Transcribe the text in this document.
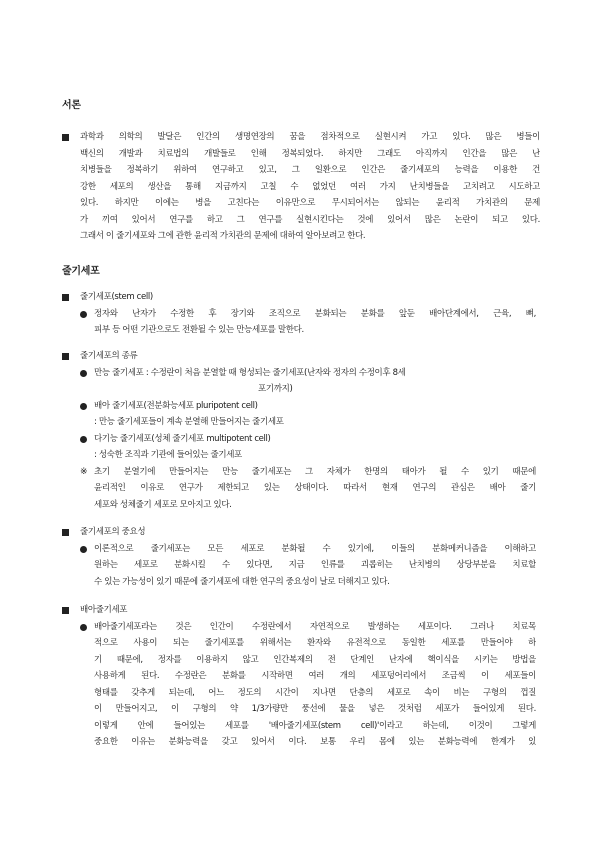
서론

과학과 의학의 발달은 인간의 생명연장의 꿈을 점차적으로 실현시켜 가고 있다. 많은 병들이
백신의 개발과 치료법의 개발들로 인해 정복되었다. 하지만 그래도 아직까지 인간을 많은 난
치병들을 정복하기 위하여 연구하고 있고, 그 일환으로 인간은 줄기세포의 능력을 이용한 건
강한 세포의 생산을 통해 지금까지 고칠 수 없었던 여러 가지 난치병들을 고치려고 시도하고
있다. 하지만 이에는 병을 고친다는 이유만으로 무시되어서는 않되는 윤리적 가치관의 문제
가 끼여 있어서 연구를 하고 그 연구를 실현시킨다는 것에 있어서 많은 논란이 되고 있다.
그래서 이 줄기세포와 그에 관한 윤리적 가치관의 문제에 대하여 알아보려고 한다.

줄기세포

줄기세포(stem cell)
정자와 난자가 수정한 후 장기와 조직으로 분화되는 분화를 앞둔 배아단계에서, 근육, 뼈,
피부 등 어떤 기관으로도 전환될 수 있는 만능세포를 말한다.
줄기세포의 종류
만능 줄기세포 : 수정란이 처음 분열할 때 형성되는 줄기세포(난자와 정자의 수정이후 8세
포기까지)
배아 줄기세포(전분화능세포 pluripotent cell)
: 만능 줄기세포들이 계속 분열해 만들어지는 줄기세포
다기능 줄기세포(성체 줄기세포 multipotent cell)
: 성숙한 조직과 기관에 들어있는 줄기세포
※ 초기 분열기에 만들어지는 만능 줄기세포는 그 자체가 한명의 태아가 될 수 있기 때문에
윤리적인 이유로 연구가 제한되고 있는 상태이다. 따라서 현재 연구의 관심은 배아 줄기
세포와 성체줄기 세포로 모아지고 있다.
줄기세포의 중요성
이론적으로 줄기세포는 모든 세포로 분화될 수 있기에, 이들의 분화메커니즘을 이해하고
원하는 세포로 분화시킬 수 있다면, 지금 인류를 괴롭히는 난치병의 상당부분을 치료할
수 있는 가능성이 있기 때문에 줄기세포에 대한 연구의 중요성이 날로 더해지고 있다.
배아줄기세포
배아줄기세포라는 것은 인간이 수정란에서 자연적으로 발생하는 세포이다. 그러나 치료목
적으로 사용이 되는 줄기세포를 위해서는 환자와 유전적으로 동일한 세포를 만들어야 하
기 때문에, 정자를 이용하지 않고 인간복제의 전 단계인 난자에 핵이식을 시키는 방법을
사용하게 된다. 수정란은 분화를 시작하면 여러 개의 세포덩어리에서 조금씩 이 세포들이
형태를 갖추게 되는데, 어느 정도의 시간이 지나면 단층의 세포로 속이 비는 구형의 껍질
이 만들어지고, 이 구형의 약 1/3가량만 풍선에 물을 넣은 것처럼 세포가 들어있게 된다.
이렇게 안에 들어있는 세포를 '배아줄기세포(stem cell)'이라고 하는데, 이것이 그렇게
중요한 이유는 분화능력을 갖고 있어서 이다. 보통 우리 몸에 있는 분화능력에 한계가 있
